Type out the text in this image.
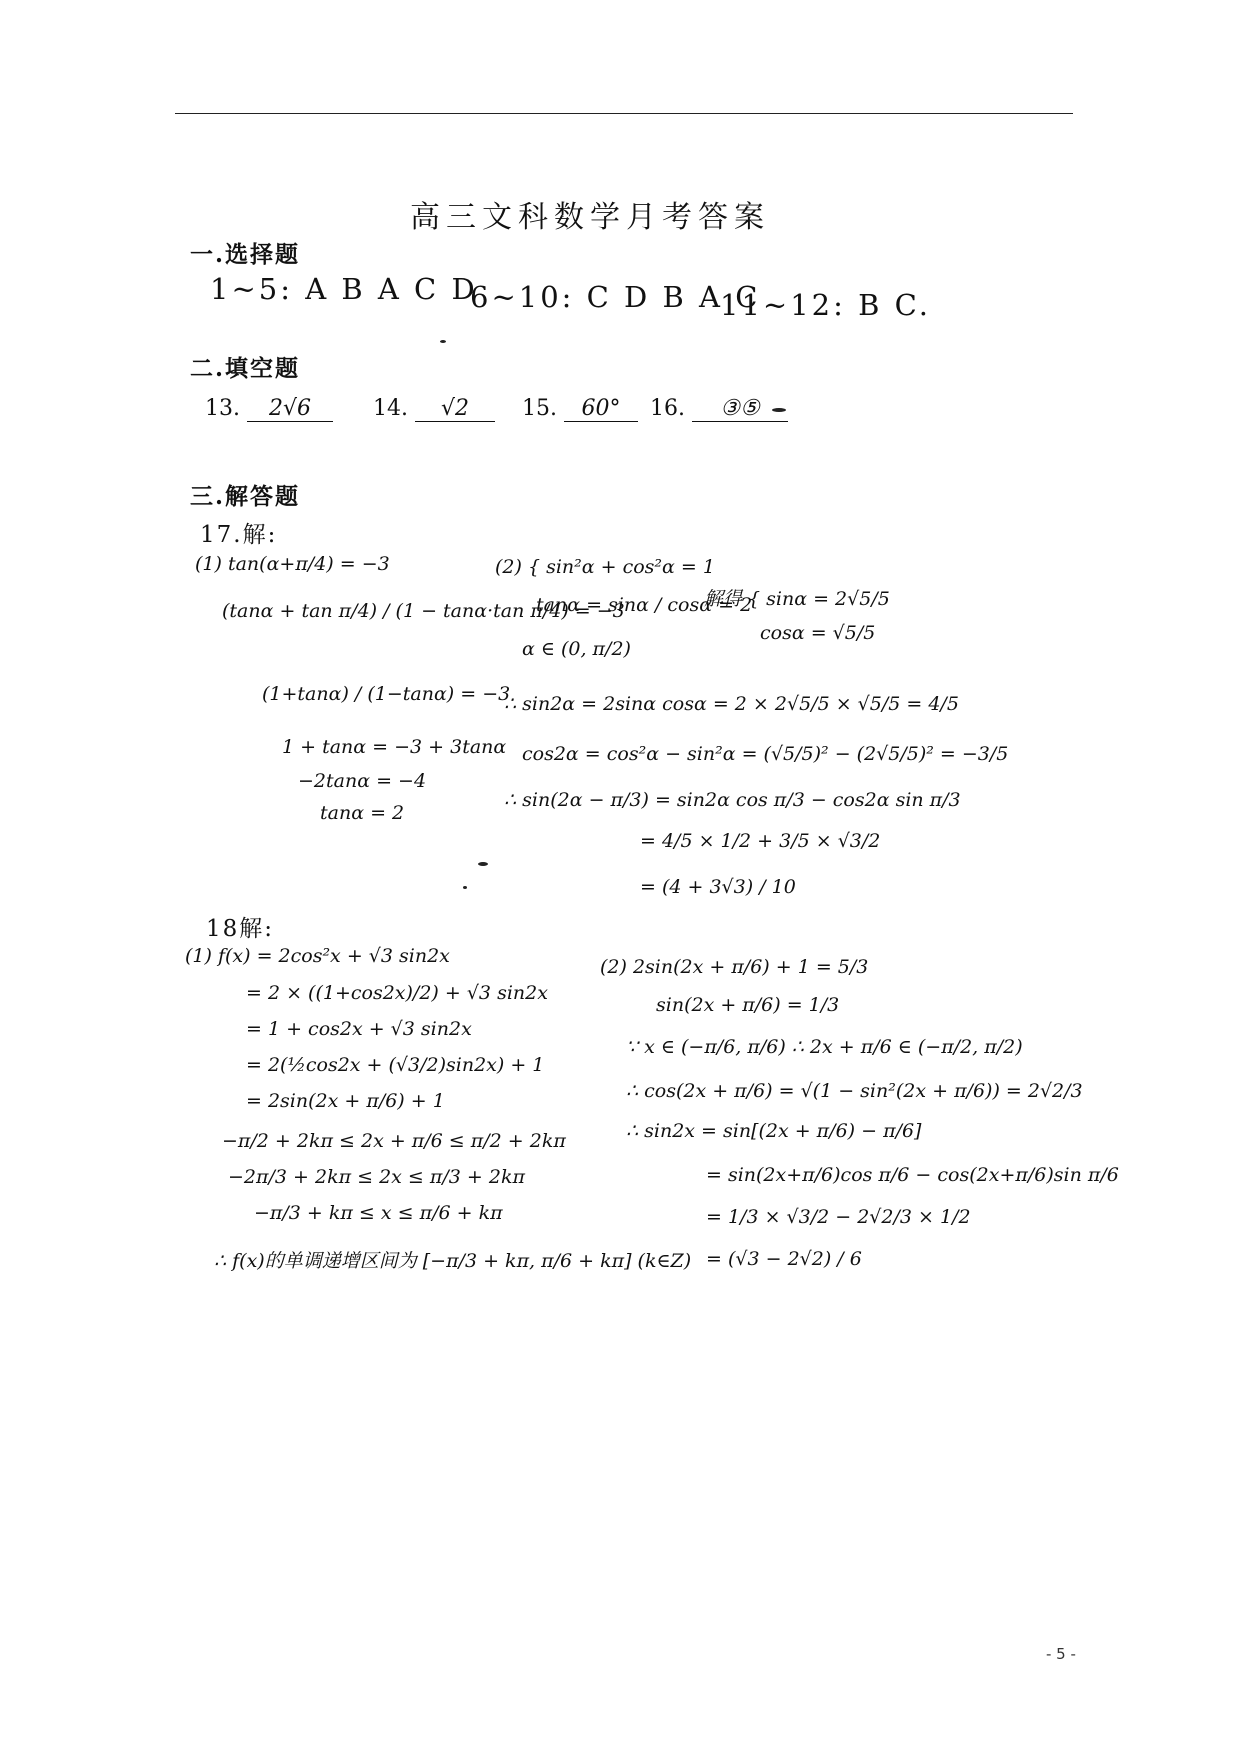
高三文科数学月考答案
一.选择题
1~5: A B A C D
6~10: C D B A C
11~12: B C.
二.填空题
13. 2√6	14. √2	15. 60°	16. ③⑤
三.解答题
17.解:
(1) tan(α+π/4) = −3
(tanα + tan π/4) / (1 − tanα·tan π/4) = −3
(1+tanα) / (1−tanα) = −3
1 + tanα = −3 + 3tanα
−2tanα = −4
tanα = 2
(2) { sin²α + cos²α = 1
tanα = sinα / cosα = 2
α ∈ (0, π/2)
解得 { sinα = 2√5/5
cosα = √5/5
∴ sin2α = 2sinα cosα = 2 × 2√5/5 × √5/5 = 4/5
cos2α = cos²α − sin²α = (√5/5)² − (2√5/5)² = −3/5
∴ sin(2α − π/3) = sin2α cos π/3 − cos2α sin π/3
= 4/5 × 1/2 + 3/5 × √3/2
= (4 + 3√3) / 10
18解:
(1) f(x) = 2cos²x + √3 sin2x
= 2 × ((1+cos2x)/2) + √3 sin2x
= 1 + cos2x + √3 sin2x
= 2(½cos2x + (√3/2)sin2x) + 1
= 2sin(2x + π/6) + 1
−π/2 + 2kπ ≤ 2x + π/6 ≤ π/2 + 2kπ
−2π/3 + 2kπ ≤ 2x ≤ π/3 + 2kπ
−π/3 + kπ ≤ x ≤ π/6 + kπ
∴ f(x)的单调递增区间为 [−π/3 + kπ, π/6 + kπ] (k∈Z)
(2) 2sin(2x + π/6) + 1 = 5/3
sin(2x + π/6) = 1/3
∵ x ∈ (−π/6, π/6) ∴ 2x + π/6 ∈ (−π/2, π/2)
∴ cos(2x + π/6) = √(1 − sin²(2x + π/6)) = 2√2/3
∴ sin2x = sin[(2x + π/6) − π/6]
= sin(2x+π/6)cos π/6 − cos(2x+π/6)sin π/6
= 1/3 × √3/2 − 2√2/3 × 1/2
= (√3 − 2√2) / 6
- 5 -
